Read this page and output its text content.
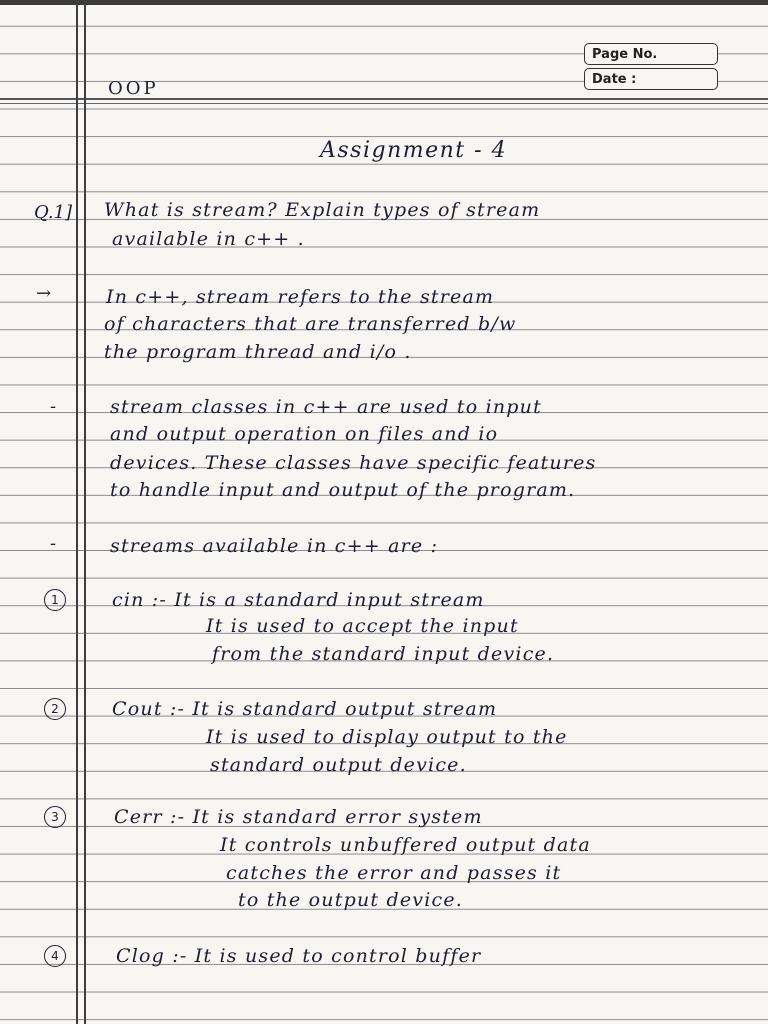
Page No.
Date :
OOP
Assignment - 4
Q.1] What is stream? Explain types of stream
available in c++ .
→	In c++, stream refers to the stream
of characters that are transferred b/w
the program thread and i/o .
-	stream classes in c++ are used to input
and output operation on files and io
devices. These classes have specific features
to handle input and output of the program.
-	streams available in c++ are :
1	cin :- It is a standard input stream
It is used to accept the input
from the standard input device.
2	Cout :- It is standard output stream
It is used to display output to the
standard output device.
3	Cerr :- It is standard error system
It controls unbuffered output data
catches the error and passes it
to the output device.
4	Clog :- It is used to control buffer
